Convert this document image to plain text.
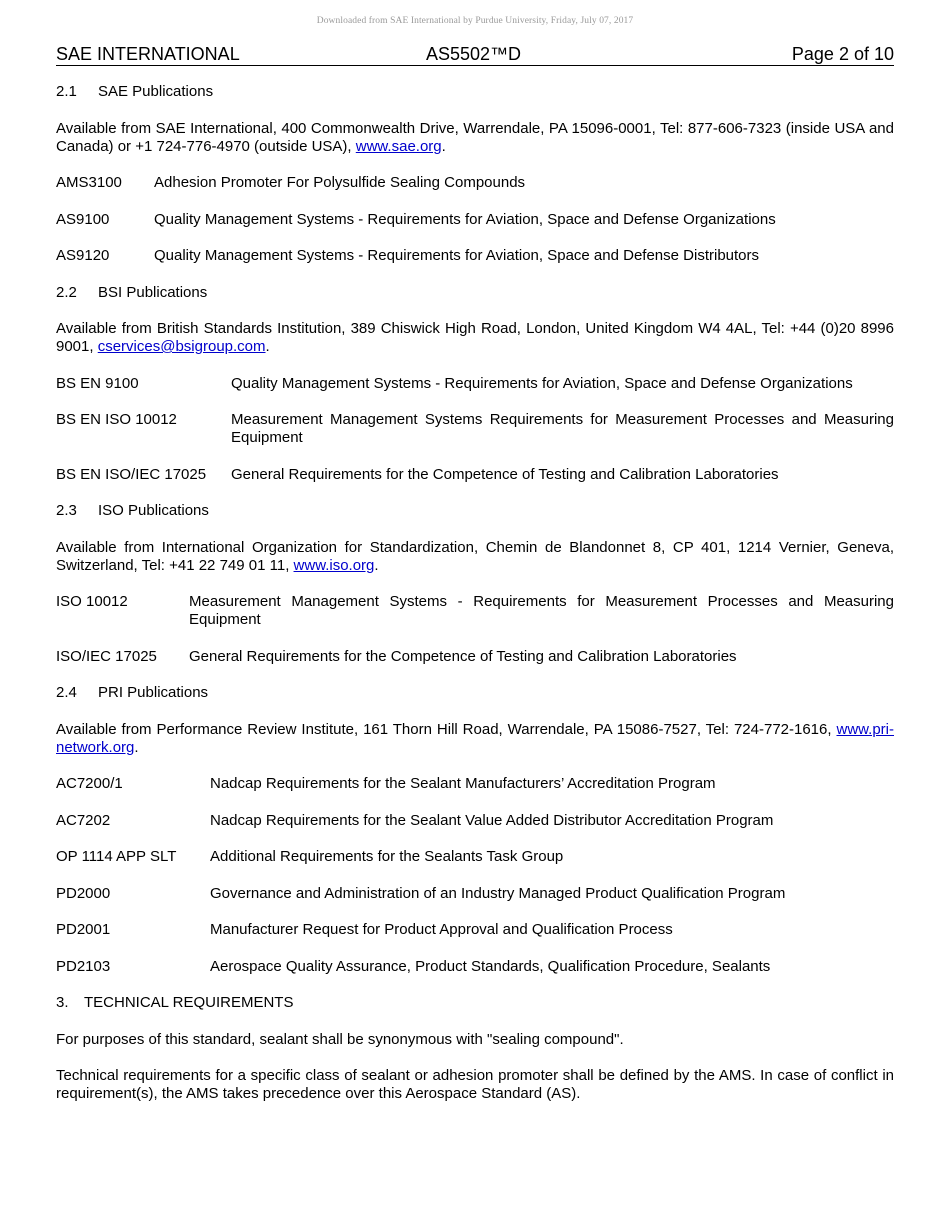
Downloaded from SAE International by Purdue University, Friday, July 07, 2017
SAE INTERNATIONAL	AS5502™D	Page 2 of 10
2.1 SAE Publications

Available from SAE International, 400 Commonwealth Drive, Warrendale, PA 15096-0001, Tel: 877-606-7323 (inside USA and Canada) or +1 724-776-4970 (outside USA), www.sae.org.

AMS3100	Adhesion Promoter For Polysulfide Sealing Compounds
AS9100	Quality Management Systems - Requirements for Aviation, Space and Defense Organizations
AS9120	Quality Management Systems - Requirements for Aviation, Space and Defense Distributors
2.2 BSI Publications

Available from British Standards Institution, 389 Chiswick High Road, London, United Kingdom W4 4AL, Tel: +44 (0)20 8996 9001, cservices@bsigroup.com.

BS EN 9100	Quality Management Systems - Requirements for Aviation, Space and Defense Organizations
BS EN ISO 10012	Measurement Management Systems Requirements for Measurement Processes and Measuring Equipment
BS EN ISO/IEC 17025	General Requirements for the Competence of Testing and Calibration Laboratories
2.3 ISO Publications

Available from International Organization for Standardization, Chemin de Blandonnet 8, CP 401, 1214 Vernier, Geneva, Switzerland, Tel: +41 22 749 01 11, www.iso.org.

ISO 10012	Measurement Management Systems - Requirements for Measurement Processes and Measuring Equipment
ISO/IEC 17025	General Requirements for the Competence of Testing and Calibration Laboratories
2.4 PRI Publications

Available from Performance Review Institute, 161 Thorn Hill Road, Warrendale, PA 15086-7527, Tel: 724-772-1616, www.pri-network.org.

AC7200/1	Nadcap Requirements for the Sealant Manufacturers’ Accreditation Program
AC7202	Nadcap Requirements for the Sealant Value Added Distributor Accreditation Program
OP 1114 APP SLT	Additional Requirements for the Sealants Task Group
PD2000	Governance and Administration of an Industry Managed Product Qualification Program
PD2001	Manufacturer Request for Product Approval and Qualification Process
PD2103	Aerospace Quality Assurance, Product Standards, Qualification Procedure, Sealants
3. TECHNICAL REQUIREMENTS

For purposes of this standard, sealant shall be synonymous with "sealing compound".

Technical requirements for a specific class of sealant or adhesion promoter shall be defined by the AMS. In case of conflict in requirement(s), the AMS takes precedence over this Aerospace Standard (AS).
